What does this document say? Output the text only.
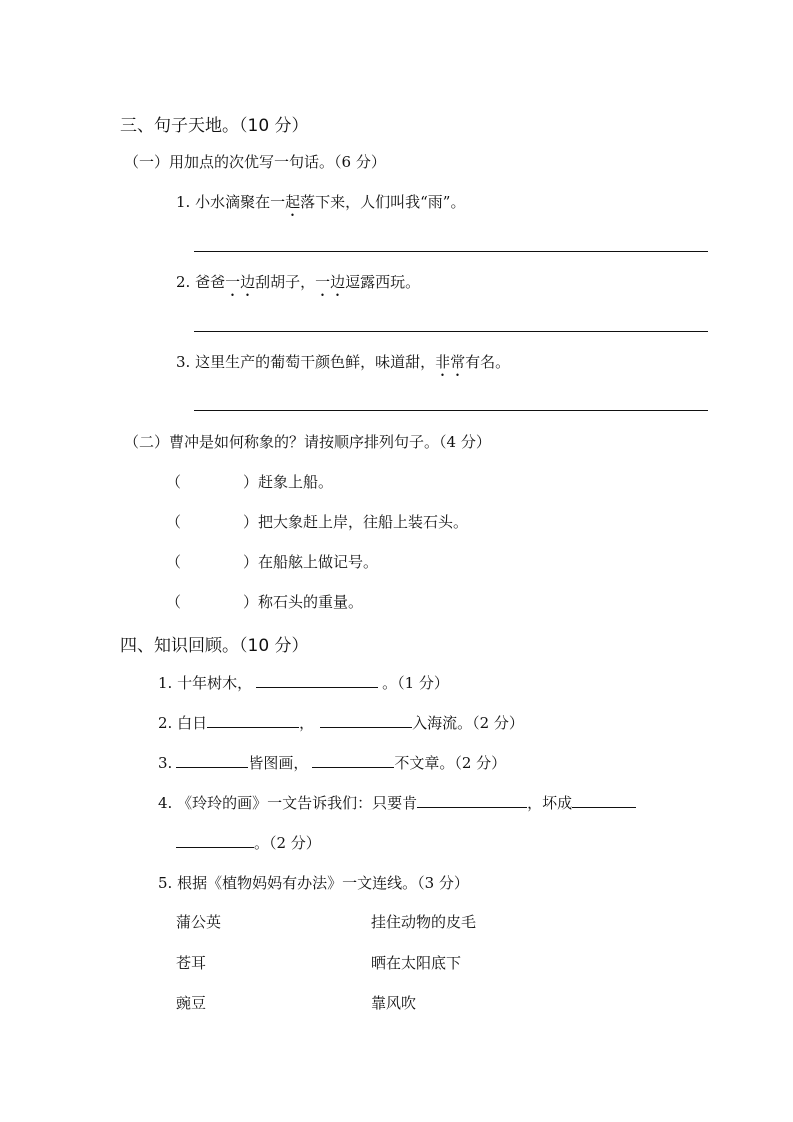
三、句子天地。（10 分）
（一）用加点的次优写一句话。（6 分）
1. 小水滴聚在一起落下来，人们叫我“雨”。
2. 爸爸一边刮胡子，一边逗露西玩。
3. 这里生产的葡萄干颜色鲜，味道甜，非常有名。
（二）曹冲是如何称象的？请按顺序排列句子。（4 分）
（	）赶象上船。
（	）把大象赶上岸，往船上装石头。
（	）在船舷上做记号。
（	）称石头的重量。
四、知识回顾。（10 分）
1. 十年树木，	。（1 分）
2. 白日	，	入海流。（2 分）
3.	皆图画，	不文章。（2 分）
4. 《玲玲的画》一文告诉我们：只要肯	，坏成
。（2 分）
5. 根据《植物妈妈有办法》一文连线。（3 分）
蒲公英	挂住动物的皮毛
苍耳	晒在太阳底下
豌豆	靠风吹
